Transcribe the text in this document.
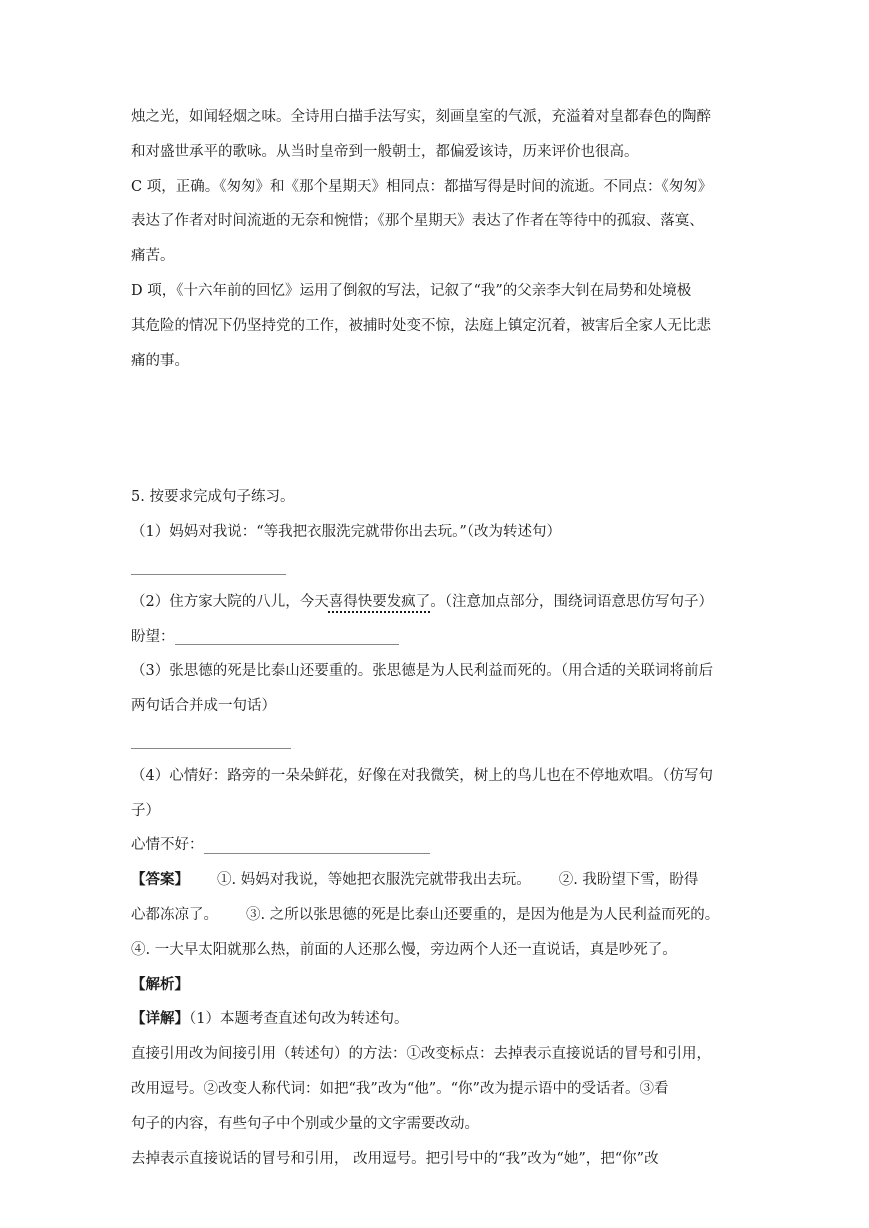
烛之光，如闻轻烟之味。全诗用白描手法写实，刻画皇室的气派，充溢着对皇都春色的陶醉
和对盛世承平的歌咏。从当时皇帝到一般朝士，都偏爱该诗，历来评价也很高。
C 项，正确。《匆匆》和《那个星期天》相同点：都描写得是时间的流逝。不同点：《匆匆》
表达了作者对时间流逝的无奈和惋惜；《那个星期天》表达了作者在等待中的孤寂、落寞、
痛苦。
D 项，《十六年前的回忆》运用了倒叙的写法，记叙了“我”的父亲李大钊在局势和处境极
其危险的情况下仍坚持党的工作，被捕时处变不惊，法庭上镇定沉着，被害后全家人无比悲
痛的事。
5. 按要求完成句子练习。
（1）妈妈对我说：“等我把衣服洗完就带你出去玩。”（改为转述句）
（2）住方家大院的八儿，今天喜得快要发疯了。（注意加点部分，围绕词语意思仿写句子）
盼望：
（3）张思德的死是比泰山还要重的。张思德是为人民利益而死的。（用合适的关联词将前后
两句话合并成一句话）
（4）心情好：路旁的一朵朵鲜花，好像在对我微笑，树上的鸟儿也在不停地欢唱。（仿写句
子）
心情不好：
【答案】 ①. 妈妈对我说，等她把衣服洗完就带我出去玩。 ②. 我盼望下雪，盼得
心都冻凉了。 ③. 之所以张思德的死是比泰山还要重的，是因为他是为人民利益而死的。
④. 一大早太阳就那么热，前面的人还那么慢，旁边两个人还一直说话，真是吵死了。
【解析】
【详解】（1）本题考查直述句改为转述句。
直接引用改为间接引用（转述句）的方法：①改变标点：去掉表示直接说话的冒号和引用，
改用逗号。②改变人称代词：如把“我”改为“他”。“你”改为提示语中的受话者。③看
句子的内容，有些句子中个别或少量的文字需要改动。
去掉表示直接说话的冒号和引用， 改用逗号。把引号中的“我”改为“她”，把“你”改
